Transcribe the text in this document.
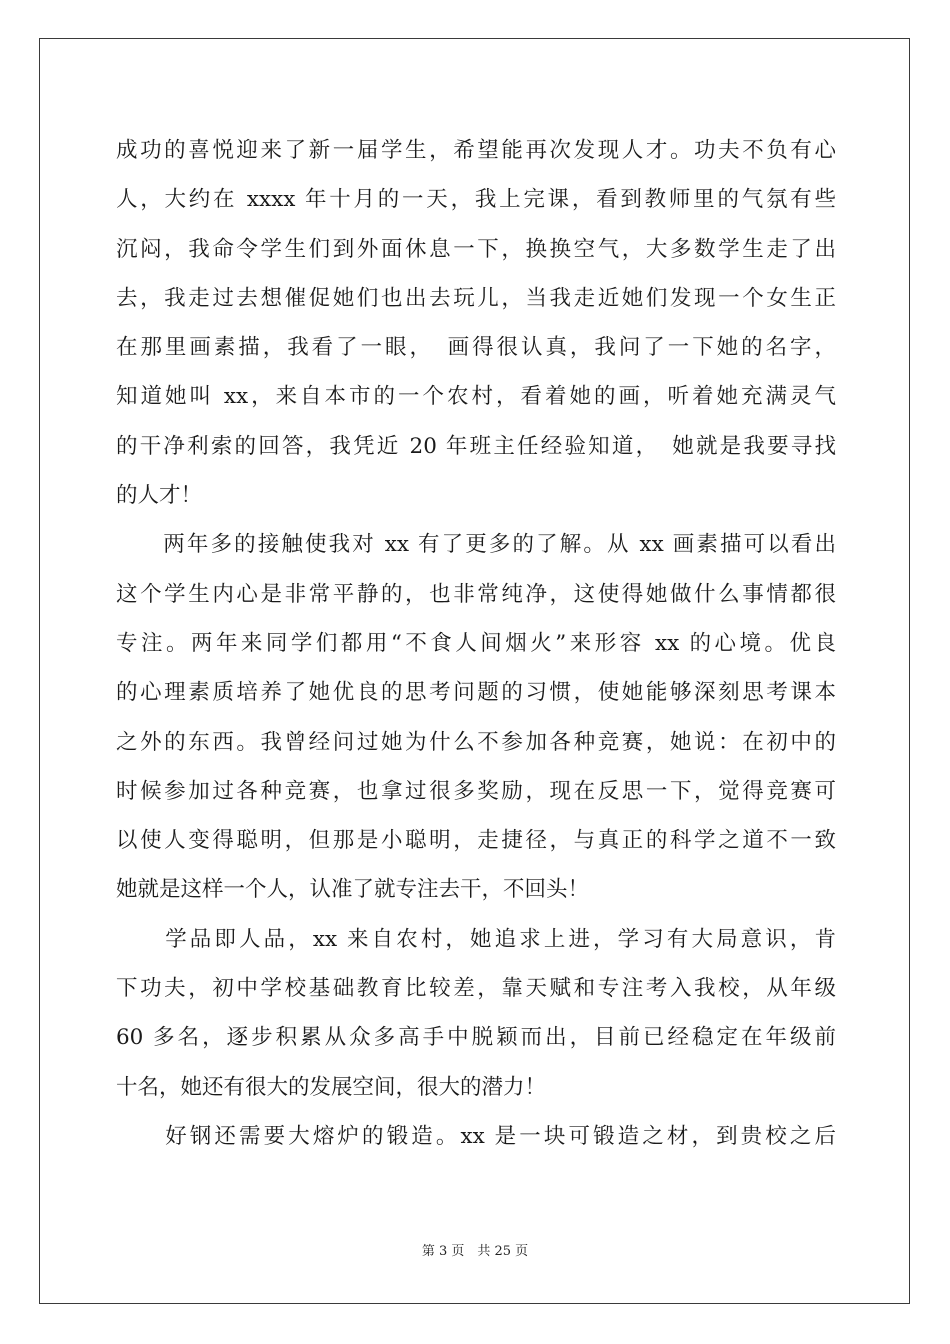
成功的喜悦迎来了新一届学生，希望能再次发现人才。功夫不负有心
人，大约在 xxxx 年十月的一天，我上完课，看到教师里的气氛有些
沉闷，我命令学生们到外面休息一下，换换空气，大多数学生走了出
去，我走过去想催促她们也出去玩儿，当我走近她们发现一个女生正
在那里画素描，我看了一眼，　画得很认真，我问了一下她的名字，
知道她叫 xx，来自本市的一个农村，看着她的画，听着她充满灵气
的干净利索的回答，我凭近 20 年班主任经验知道，　她就是我要寻找
的人才！
　　两年多的接触使我对 xx 有了更多的了解。从 xx 画素描可以看出
这个学生内心是非常平静的，也非常纯净，这使得她做什么事情都很
专注。两年来同学们都用“不食人间烟火”来形容 xx 的心境。优良
的心理素质培养了她优良的思考问题的习惯，使她能够深刻思考课本
之外的东西。我曾经问过她为什么不参加各种竞赛，她说：在初中的
时候参加过各种竞赛，也拿过很多奖励，现在反思一下，觉得竞赛可
以使人变得聪明，但那是小聪明，走捷径，与真正的科学之道不一致
她就是这样一个人，认准了就专注去干，不回头！
　　学品即人品，xx 来自农村，她追求上进，学习有大局意识，肯
下功夫，初中学校基础教育比较差，靠天赋和专注考入我校，从年级
60 多名，逐步积累从众多高手中脱颖而出，目前已经稳定在年级前
十名，她还有很大的发展空间，很大的潜力！
　　好钢还需要大熔炉的锻造。xx 是一块可锻造之材，到贵校之后
第 3 页　共 25 页
